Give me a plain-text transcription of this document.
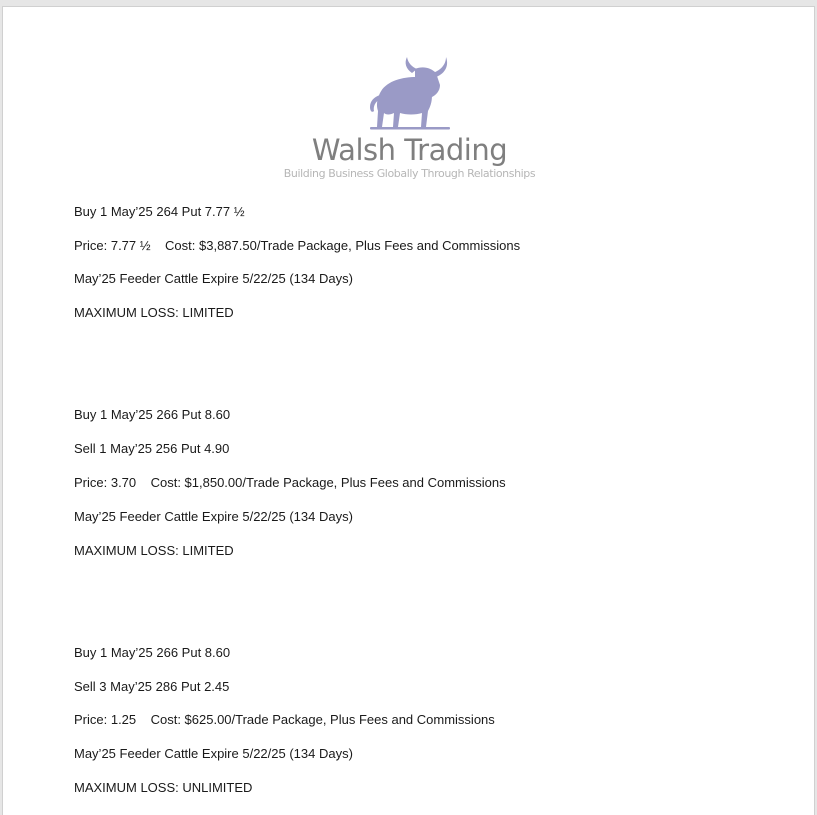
Walsh Trading
Building Business Globally Through Relationships
Buy 1 May’25 264 Put 7.77 ½
Price: 7.77 ½    Cost: $3,887.50/Trade Package, Plus Fees and Commissions
May’25 Feeder Cattle Expire 5/22/25 (134 Days)
MAXIMUM LOSS: LIMITED
Buy 1 May’25 266 Put 8.60
Sell 1 May’25 256 Put 4.90
Price: 3.70    Cost: $1,850.00/Trade Package, Plus Fees and Commissions
May’25 Feeder Cattle Expire 5/22/25 (134 Days)
MAXIMUM LOSS: LIMITED
Buy 1 May’25 266 Put 8.60
Sell 3 May’25 286 Put 2.45
Price: 1.25    Cost: $625.00/Trade Package, Plus Fees and Commissions
May’25 Feeder Cattle Expire 5/22/25 (134 Days)
MAXIMUM LOSS: UNLIMITED
